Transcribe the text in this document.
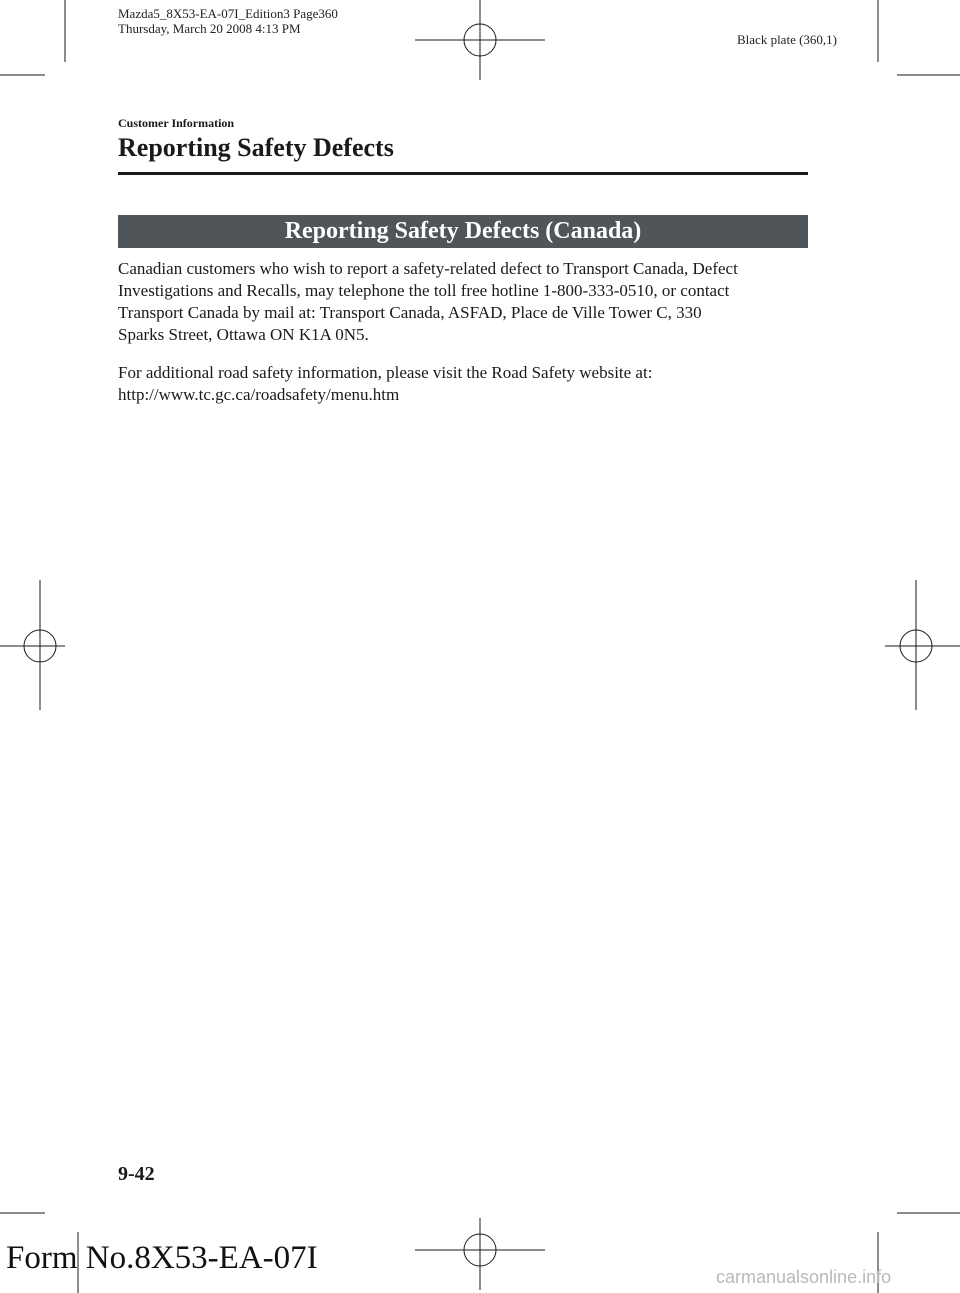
Mazda5_8X53-EA-07I_Edition3 Page360
Thursday, March 20 2008 4:13 PM
Black plate (360,1)
Customer Information
Reporting Safety Defects
Reporting Safety Defects (Canada)

Canadian customers who wish to report a safety-related defect to Transport Canada, Defect
Investigations and Recalls, may telephone the toll free hotline 1-800-333-0510, or contact
Transport Canada by mail at: Transport Canada, ASFAD, Place de Ville Tower C, 330
Sparks Street, Ottawa ON K1A 0N5.

For additional road safety information, please visit the Road Safety website at:
http://www.tc.gc.ca/roadsafety/menu.htm

9-42
Form No.8X53-EA-07I
carmanualsonline.info
